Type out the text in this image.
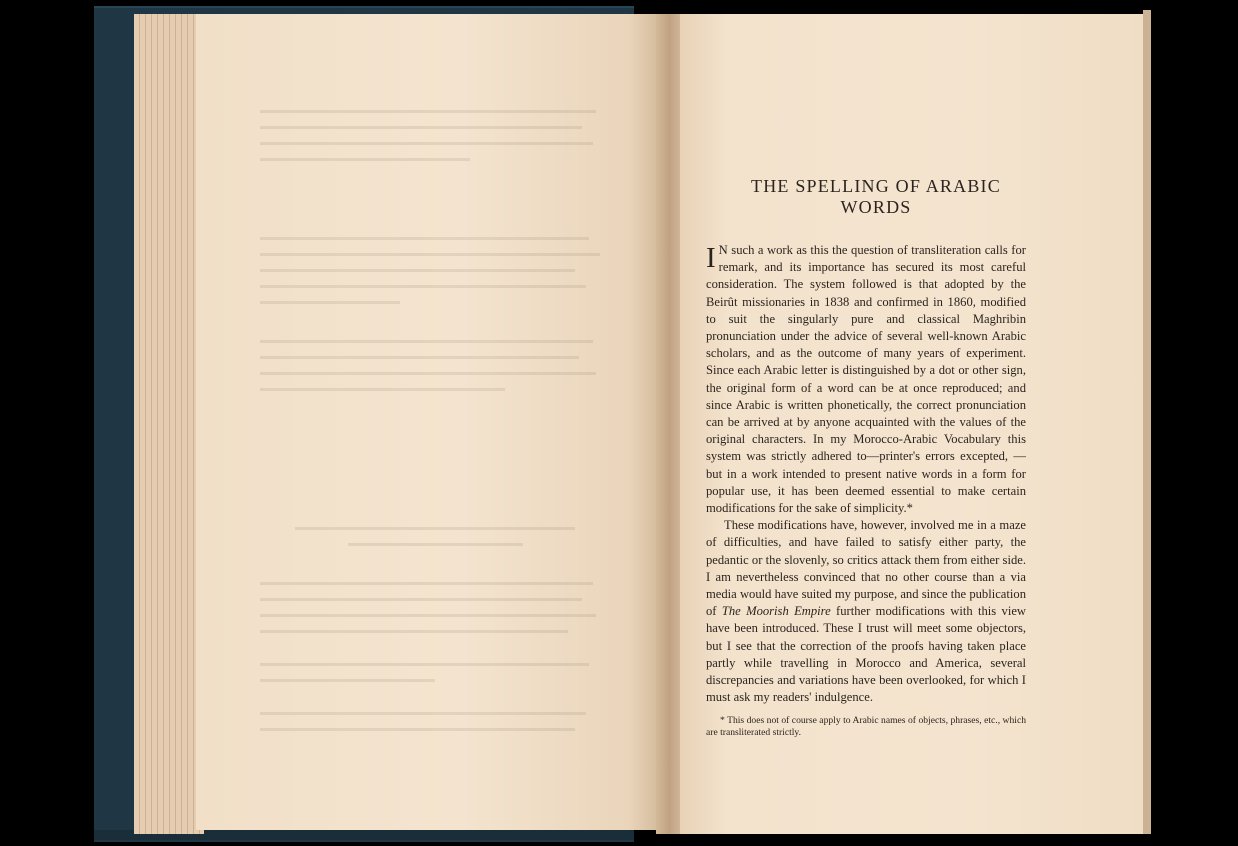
THE SPELLING OF ARABIC WORDS

I N such a work as this the question of transliteration calls for remark, and its importance has secured its most careful consideration. The system followed is that adopted by the Beirût missionaries in 1838 and confirmed in 1860, modified to suit the singularly pure and classical Maghribin pronunciation under the advice of several well-known Arabic scholars, and as the outcome of many years of experiment. Since each Arabic letter is distinguished by a dot or other sign, the original form of a word can be at once reproduced; and since Arabic is written phonetically, the correct pronunciation can be arrived at by anyone acquainted with the values of the original characters. In my Morocco-Arabic Vocabulary this system was strictly adhered to—printer's errors excepted, —but in a work intended to present native words in a form for popular use, it has been deemed essential to make certain modifications for the sake of simplicity.*

These modifications have, however, involved me in a maze of difficulties, and have failed to satisfy either party, the pedantic or the slovenly, so critics attack them from either side. I am nevertheless convinced that no other course than a via media would have suited my purpose, and since the publication of The Moorish Empire further modifications with this view have been introduced. These I trust will meet some objectors, but I see that the correction of the proofs having taken place partly while travelling in Morocco and America, several discrepancies and variations have been overlooked, for which I must ask my readers' indulgence.

* This does not of course apply to Arabic names of objects, phrases, etc., which are transliterated strictly.
